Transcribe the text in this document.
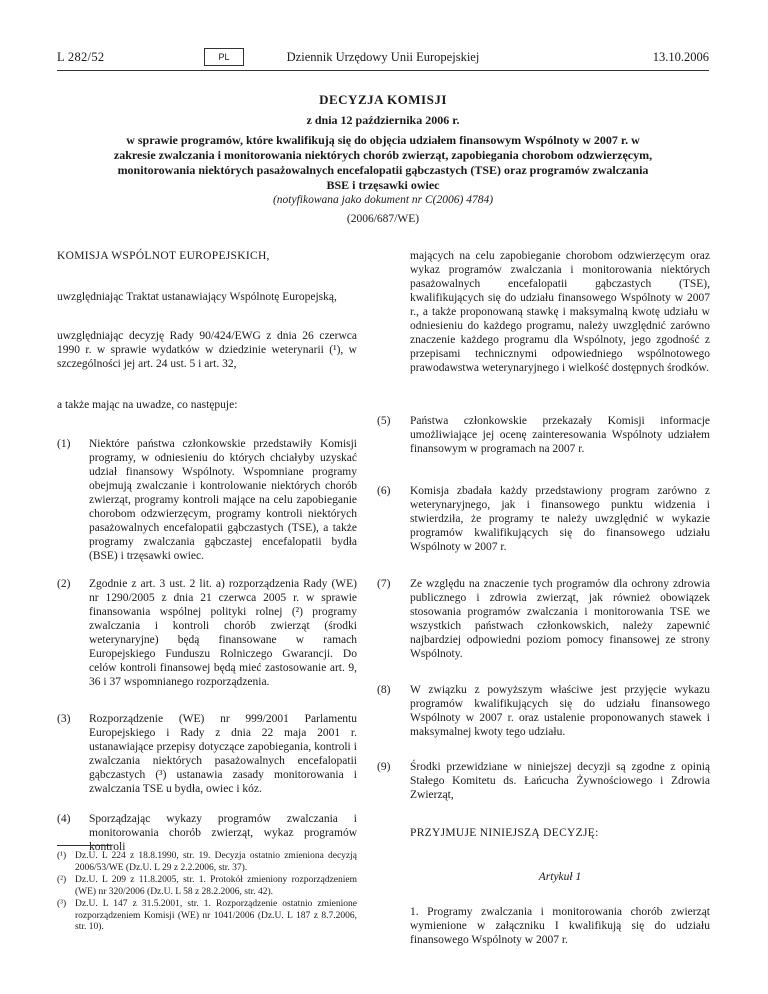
L 282/52	PL	Dziennik Urzędowy Unii Europejskiej	13.10.2006
DECYZJA KOMISJI
z dnia 12 października 2006 r.
w sprawie programów, które kwalifikują się do objęcia udziałem finansowym Wspólnoty w 2007 r. w zakresie zwalczania i monitorowania niektórych chorób zwierząt, zapobiegania chorobom odzwierzęcym, monitorowania niektórych pasażowalnych encefalopatii gąbczastych (TSE) oraz programów zwalczania BSE i trzęsawki owiec
(notyfikowana jako dokument nr C(2006) 4784)
(2006/687/WE)
KOMISJA WSPÓLNOT EUROPEJSKICH,
uwzględniając Traktat ustanawiający Wspólnotę Europejską,
uwzględniając decyzję Rady 90/424/EWG z dnia 26 czerwca 1990 r. w sprawie wydatków w dziedzinie weterynarii (¹), w szczególności jej art. 24 ust. 5 i art. 32,
a także mając na uwadze, co następuje:
(1) Niektóre państwa członkowskie przedstawiły Komisji programy, w odniesieniu do których chciałyby uzyskać udział finansowy Wspólnoty. Wspomniane programy obejmują zwalczanie i kontrolowanie niektórych chorób zwierząt, programy kontroli mające na celu zapobieganie chorobom odzwierzęcym, programy kontroli niektórych pasażowalnych encefalopatii gąbczastych (TSE), a także programy zwalczania gąbczastej encefalopatii bydła (BSE) i trzęsawki owiec.
(2) Zgodnie z art. 3 ust. 2 lit. a) rozporządzenia Rady (WE) nr 1290/2005 z dnia 21 czerwca 2005 r. w sprawie finansowania wspólnej polityki rolnej (²) programy zwalczania i kontroli chorób zwierząt (środki weterynaryjne) będą finansowane w ramach Europejskiego Funduszu Rolniczego Gwarancji. Do celów kontroli finansowej będą mieć zastosowanie art. 9, 36 i 37 wspomnianego rozporządzenia.
(3) Rozporządzenie (WE) nr 999/2001 Parlamentu Europejskiego i Rady z dnia 22 maja 2001 r. ustanawiające przepisy dotyczące zapobiegania, kontroli i zwalczania niektórych pasażowalnych encefalopatii gąbczastych (³) ustanawia zasady monitorowania i zwalczania TSE u bydła, owiec i kóz.
(4) Sporządzając wykazy programów zwalczania i monitorowania chorób zwierząt, wykaz programów kontroli
(¹) Dz.U. L 224 z 18.8.1990, str. 19. Decyzja ostatnio zmieniona decyzją 2006/53/WE (Dz.U. L 29 z 2.2.2006, str. 37).
(²) Dz.U. L 209 z 11.8.2005, str. 1. Protokół zmieniony rozporządzeniem (WE) nr 320/2006 (Dz.U. L 58 z 28.2.2006, str. 42).
(³) Dz.U. L 147 z 31.5.2001, str. 1. Rozporządzenie ostatnio zmienione rozporządzeniem Komisji (WE) nr 1041/2006 (Dz.U. L 187 z 8.7.2006, str. 10).
mających na celu zapobieganie chorobom odzwierzęcym oraz wykaz programów zwalczania i monitorowania niektórych pasażowalnych encefalopatii gąbczastych (TSE), kwalifikujących się do udziału finansowego Wspólnoty w 2007 r., a także proponowaną stawkę i maksymalną kwotę udziału w odniesieniu do każdego programu, należy uwzględnić zarówno znaczenie każdego programu dla Wspólnoty, jego zgodność z przepisami technicznymi odpowiedniego wspólnotowego prawodawstwa weterynaryjnego i wielkość dostępnych środków.
(5) Państwa członkowskie przekazały Komisji informacje umożliwiające jej ocenę zainteresowania Wspólnoty udziałem finansowym w programach na 2007 r.
(6) Komisja zbadała każdy przedstawiony program zarówno z weterynaryjnego, jak i finansowego punktu widzenia i stwierdziła, że programy te należy uwzględnić w wykazie programów kwalifikujących się do finansowego udziału Wspólnoty w 2007 r.
(7) Ze względu na znaczenie tych programów dla ochrony zdrowia publicznego i zdrowia zwierząt, jak również obowiązek stosowania programów zwalczania i monitorowania TSE we wszystkich państwach członkowskich, należy zapewnić najbardziej odpowiedni poziom pomocy finansowej ze strony Wspólnoty.
(8) W związku z powyższym właściwe jest przyjęcie wykazu programów kwalifikujących się do udziału finansowego Wspólnoty w 2007 r. oraz ustalenie proponowanych stawek i maksymalnej kwoty tego udziału.
(9) Środki przewidziane w niniejszej decyzji są zgodne z opinią Stałego Komitetu ds. Łańcucha Żywnościowego i Zdrowia Zwierząt,
PRZYJMUJE NINIEJSZĄ DECYZJĘ:
Artykuł 1
1. Programy zwalczania i monitorowania chorób zwierząt wymienione w załączniku I kwalifikują się do udziału finansowego Wspólnoty w 2007 r.
